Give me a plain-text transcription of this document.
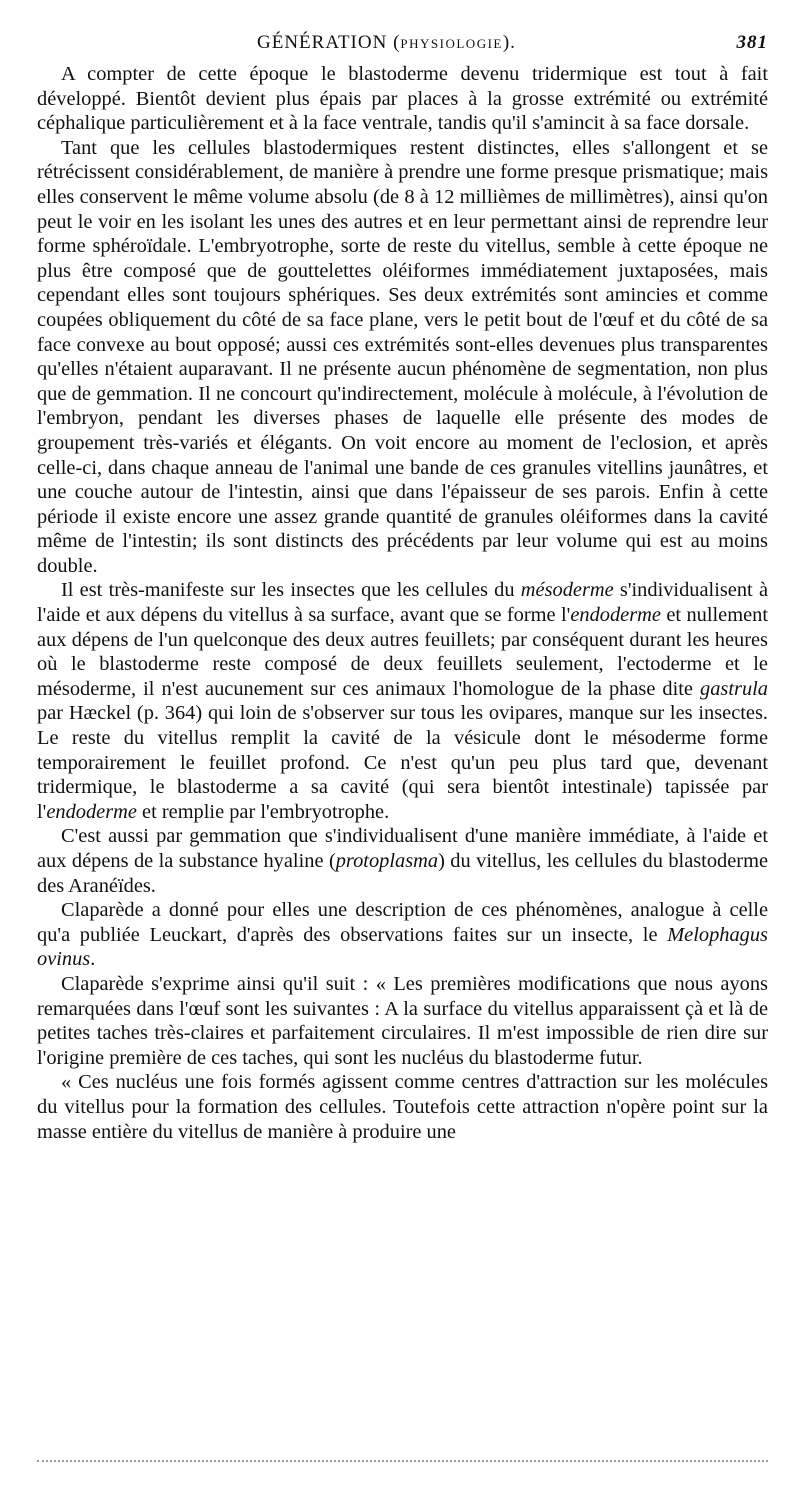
GÉNÉRATION (PHYSIOLOGIE).	381

A compter de cette époque le blastoderme devenu tridermique est tout à fait développé. Bientôt devient plus épais par places à la grosse extrémité ou extrémité céphalique particulièrement et à la face ventrale, tandis qu'il s'amincit à sa face dorsale.

Tant que les cellules blastodermiques restent distinctes, elles s'allongent et se rétrécissent considérablement, de manière à prendre une forme presque prismatique; mais elles conservent le même volume absolu (de 8 à 12 millièmes de millimètres), ainsi qu'on peut le voir en les isolant les unes des autres et en leur permettant ainsi de reprendre leur forme sphéroïdale. L'embryotrophe, sorte de reste du vitellus, semble à cette époque ne plus être composé que de gouttelettes oléiformes immédiatement juxtaposées, mais cependant elles sont toujours sphériques. Ses deux extrémités sont amincies et comme coupées obliquement du côté de sa face plane, vers le petit bout de l'œuf et du côté de sa face convexe au bout opposé; aussi ces extrémités sont-elles devenues plus transparentes qu'elles n'étaient auparavant. Il ne présente aucun phénomène de segmentation, non plus que de gemmation. Il ne concourt qu'indirectement, molécule à molécule, à l'évolution de l'embryon, pendant les diverses phases de laquelle elle présente des modes de groupement très-variés et élégants. On voit encore au moment de l'eclosion, et après celle-ci, dans chaque anneau de l'animal une bande de ces granules vitellins jaunâtres, et une couche autour de l'intestin, ainsi que dans l'épaisseur de ses parois. Enfin à cette période il existe encore une assez grande quantité de granules oléiformes dans la cavité même de l'intestin; ils sont distincts des précédents par leur volume qui est au moins double.

Il est très-manifeste sur les insectes que les cellules du mésoderme s'individualisent à l'aide et aux dépens du vitellus à sa surface, avant que se forme l'endoderme et nullement aux dépens de l'un quelconque des deux autres feuillets; par conséquent durant les heures où le blastoderme reste composé de deux feuillets seulement, l'ectoderme et le mésoderme, il n'est aucunement sur ces animaux l'homologue de la phase dite gastrula par Hæckel (p. 364) qui loin de s'observer sur tous les ovipares, manque sur les insectes. Le reste du vitellus remplit la cavité de la vésicule dont le mésoderme forme temporairement le feuillet profond. Ce n'est qu'un peu plus tard que, devenant tridermique, le blastoderme a sa cavité (qui sera bientôt intestinale) tapissée par l'endoderme et remplie par l'embryotrophe.

C'est aussi par gemmation que s'individualisent d'une manière immédiate, à l'aide et aux dépens de la substance hyaline (protoplasma) du vitellus, les cellules du blastoderme des Aranéïdes.

Claparède a donné pour elles une description de ces phénomènes, analogue à celle qu'a publiée Leuckart, d'après des observations faites sur un insecte, le Melophagus ovinus.

Claparède s'exprime ainsi qu'il suit : « Les premières modifications que nous ayons remarquées dans l'œuf sont les suivantes : A la surface du vitellus apparaissent çà et là de petites taches très-claires et parfaitement circulaires. Il m'est impossible de rien dire sur l'origine première de ces taches, qui sont les nucléus du blastoderme futur.

« Ces nucléus une fois formés agissent comme centres d'attraction sur les molécules du vitellus pour la formation des cellules. Toutefois cette attraction n'opère point sur la masse entière du vitellus de manière à produire une
